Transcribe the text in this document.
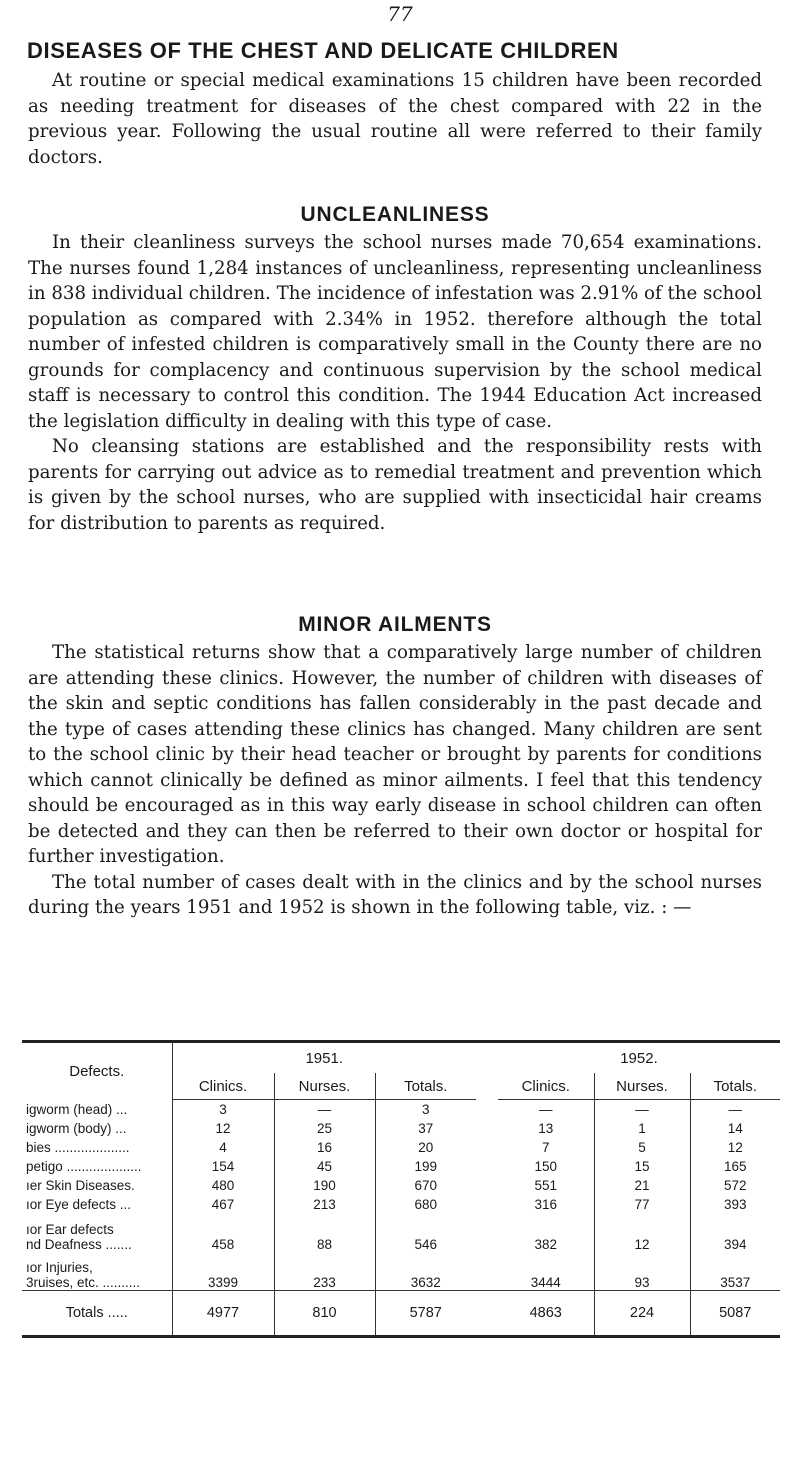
77
DISEASES OF THE CHEST AND DELICATE CHILDREN

At routine or special medical examinations 15 children have been recorded as needing treatment for diseases of the chest compared with 22 in the previous year. Following the usual routine all were referred to their family doctors.

UNCLEANLINESS

In their cleanliness surveys the school nurses made 70,654 examinations. The nurses found 1,284 instances of uncleanliness, representing uncleanliness in 838 individual children. The incidence of infestation was 2.91% of the school population as compared with 2.34% in 1952. therefore although the total number of infested children is comparatively small in the County there are no grounds for complacency and continuous supervision by the school medical staff is necessary to control this condition. The 1944 Education Act increased the legislation difficulty in dealing with this type of case.

No cleansing stations are established and the responsibility rests with parents for carrying out advice as to remedial treatment and prevention which is given by the school nurses, who are supplied with insecticidal hair creams for distribution to parents as required.

MINOR AILMENTS

The statistical returns show that a comparatively large number of children are attending these clinics. However, the number of children with diseases of the skin and septic conditions has fallen considerably in the past decade and the type of cases attending these clinics has changed. Many children are sent to the school clinic by their head teacher or brought by parents for conditions which cannot clinically be defined as minor ailments. I feel that this tendency should be encouraged as in this way early disease in school children can often be detected and they can then be referred to their own doctor or hospital for further investigation.

The total number of cases dealt with in the clinics and by the school nurses during the years 1951 and 1952 is shown in the following table, viz. : —

Defects.	1951.				1952.		
	Clinics.	Nurses.	Totals.		Clinics.	Nurses.	Totals.

igworm (head) ...	3	—	3		—	—	—

igworm (body) ...	12	25	37		13	1	14

bies ....................	4	16	20		7	5	12

petigo ....................	154	45	199		150	15	165

ıer Skin Diseases.	480	190	670		551	21	572

ıor Eye defects ...	467	213	680		316	77	393

ıor Ear defects
nd Deafness .......	458	88	546		382	12	394

ıor Injuries,
3ruises, etc. ..........	3399	233	3632		3444	93	3537
Totals .....	4977	810	5787		4863	224	5087
